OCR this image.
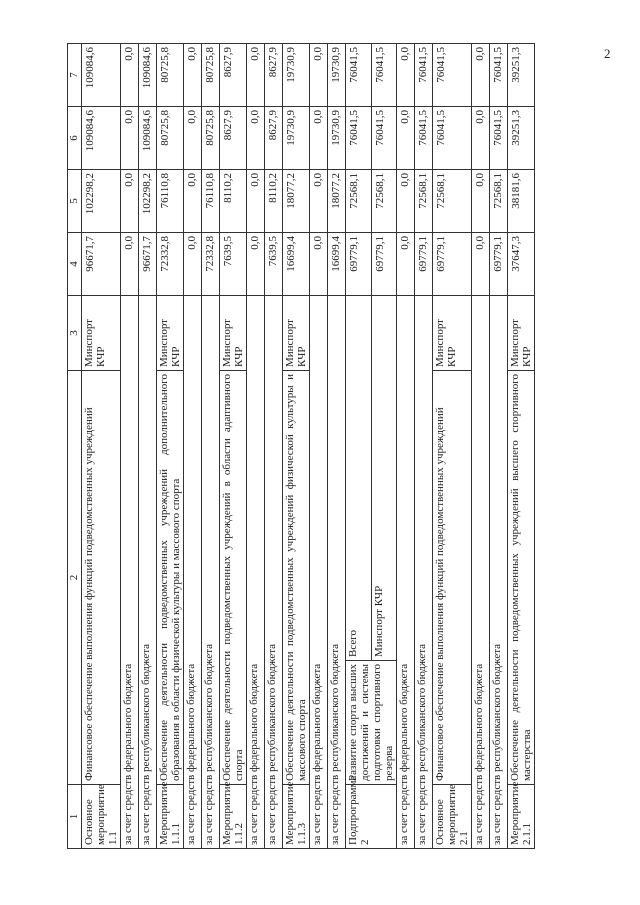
2
1	2		3	4	5	6	7
Основное мероприятие 1.1	Финансовое обеспечение выполнения функций подведомственных учреждений		Минспорт КЧР	96671,7	102298,2	109084,6	109084,6
за счет средств федерального бюджета				0,0	0,0	0,0	0,0
за счет средств республиканского бюджета				96671,7	102298,2	109084,6	109084,6
Мероприятие 1.1.1	Обеспечение деятельности подведомственных учреждений дополнительного образования в области физической культуры и массового спорта		Минспорт КЧР	72332,8	76110,8	80725,8	80725,8
за счет средств федерального бюджета				0,0	0,0	0,0	0,0
за счет средств республиканского бюджета				72332,8	76110,8	80725,8	80725,8
Мероприятие 1.1.2	Обеспечение деятельности подведомственных учреждений в области адаптивного спорта		Минспорт КЧР	7639,5	8110,2	8627,9	8627,9
за счет средств федерального бюджета				0,0	0,0	0,0	0,0
за счет средств республиканского бюджета				7639,5	8110,2	8627,9	8627,9
Мероприятие 1.1.3	Обеспечение деятельности подведомственных учреждений физической культуры и массового спорта		Минспорт КЧР	16699,4	18077,2	19730,9	19730,9
за счет средств федерального бюджета				0,0	0,0	0,0	0,0
за счет средств республиканского бюджета				16699,4	18077,2	19730,9	19730,9
Подпрограмма 2	Развитие спорта высших достижений и системы подготовки спортивного резерва	Всего		69779,1	72568,1	76041,5	76041,5
		Минспорт КЧР		69779,1	72568,1	76041,5	76041,5
за счет средств федерального бюджета				0,0	0,0	0,0	0,0
за счет средств республиканского бюджета				69779,1	72568,1	76041,5	76041,5
Основное мероприятие 2.1	Финансовое обеспечение выполнения функций подведомственных учреждений		Минспорт КЧР	69779,1	72568,1	76041,5	76041,5
за счет средств федерального бюджета				0,0	0,0	0,0	0,0
за счет средств республиканского бюджета				69779,1	72568,1	76041,5	76041,5
Мероприятие 2.1.1	Обеспечение деятельности подведомственных учреждений высшего спортивного мастерства		Минспорт КЧР	37647,3	38181,6	39251,3	39251,3
